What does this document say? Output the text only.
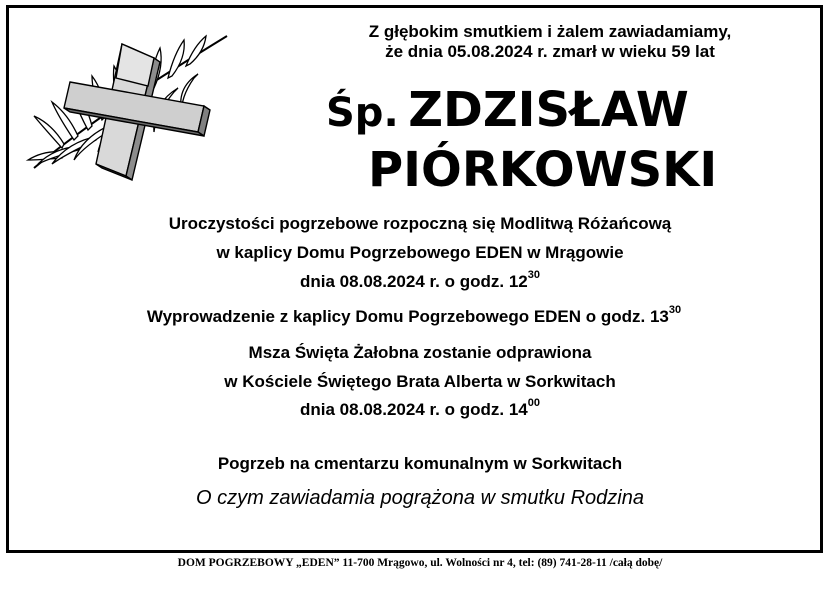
Z głębokim smutkiem i żalem zawiadamiamy,
że dnia 05.08.2024 r. zmarł w wieku 59 lat
Śp. ZDZISŁAW
PIÓRKOWSKI
Uroczystości pogrzebowe rozpoczną się Modlitwą Różańcową
w kaplicy Domu Pogrzebowego EDEN w Mrągowie
dnia 08.08.2024 r. o godz. $12^{30}$
Wyprowadzenie z kaplicy Domu Pogrzebowego EDEN o godz. $13^{30}$
Msza Święta Żałobna zostanie odprawiona
w Kościele Świętego Brata Alberta w Sorkwitach
dnia 08.08.2024 r. o godz. $14^{00}$
Pogrzeb na cmentarzu komunalnym w Sorkwitach
O czym zawiadamia pogrążona w smutku Rodzina
DOM POGRZEBOWY „EDEN” 11-700 Mrągowo, ul. Wolności nr 4, tel: (89) 741-28-11 /całą dobę/
